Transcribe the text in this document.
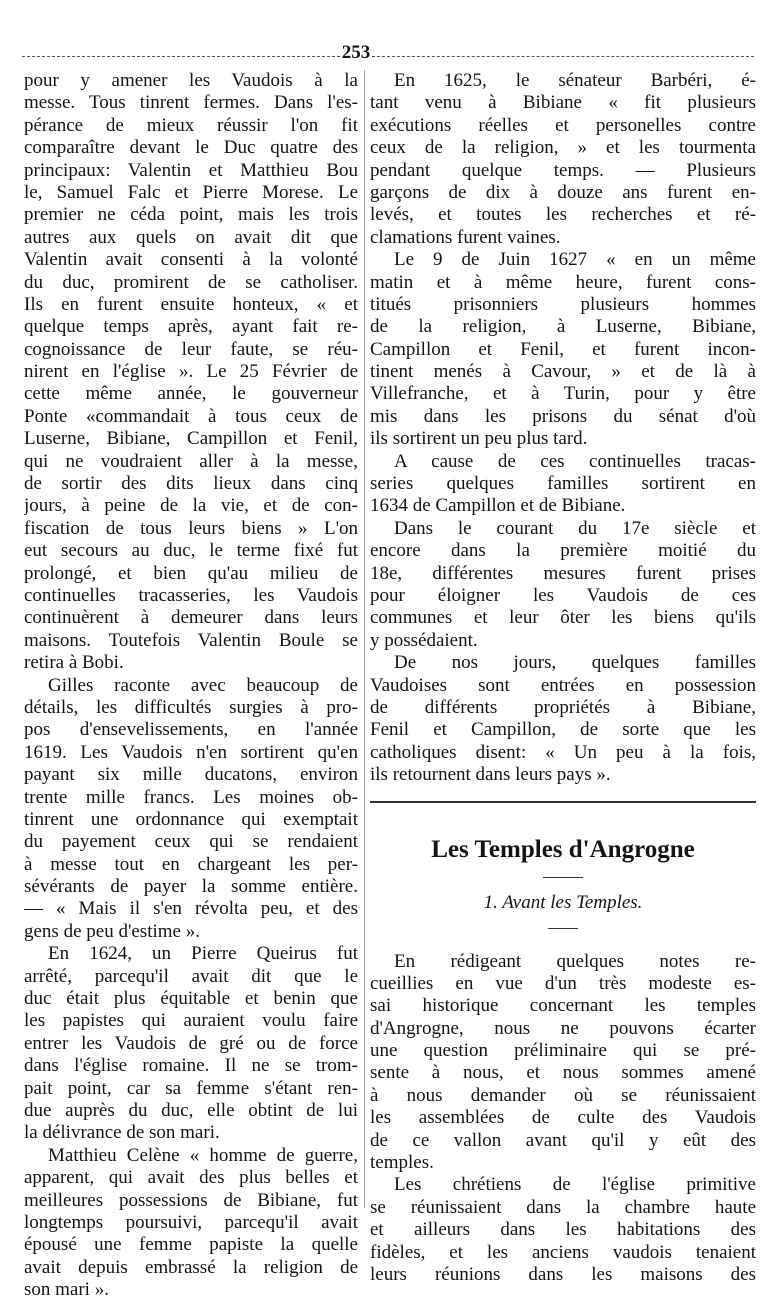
253
pour y amener les Vaudois à la
messe. Tous tinrent fermes. Dans l'es-
pérance de mieux réussir l'on fit
comparaître devant le Duc quatre des
principaux: Valentin et Matthieu Bou
le, Samuel Falc et Pierre Morese. Le
premier ne céda point, mais les trois
autres aux quels on avait dit que
Valentin avait consenti à la volonté
du duc, promirent de se catholiser.
Ils en furent ensuite honteux, « et
quelque temps après, ayant fait re-
cognoissance de leur faute, se réu-
nirent en l'église ». Le 25 Février de
cette même année, le gouverneur
Ponte «commandait à tous ceux de
Luserne, Bibiane, Campillon et Fenil,
qui ne voudraient aller à la messe,
de sortir des dits lieux dans cinq
jours, à peine de la vie, et de con-
fiscation de tous leurs biens » L'on
eut secours au duc, le terme fixé fut
prolongé, et bien qu'au milieu de
continuelles tracasseries, les Vaudois
continuèrent à demeurer dans leurs
maisons. Toutefois Valentin Boule se
retira à Bobi.
Gilles raconte avec beaucoup de
détails, les difficultés surgies à pro-
pos d'ensevelissements, en l'année
1619. Les Vaudois n'en sortirent qu'en
payant six mille ducatons, environ
trente mille francs. Les moines ob-
tinrent une ordonnance qui exemptait
du payement ceux qui se rendaient
à messe tout en chargeant les per-
sévérants de payer la somme entière.
— « Mais il s'en révolta peu, et des
gens de peu d'estime ».
En 1624, un Pierre Queirus fut
arrêté, parcequ'il avait dit que le
duc était plus équitable et benin que
les papistes qui auraient voulu faire
entrer les Vaudois de gré ou de force
dans l'église romaine. Il ne se trom-
pait point, car sa femme s'étant ren-
due auprès du duc, elle obtint de lui
la délivrance de son mari.
Matthieu Celène « homme de guerre,
apparent, qui avait des plus belles et
meilleures possessions de Bibiane, fut
longtemps poursuivi, parcequ'il avait
épousé une femme papiste la quelle
avait depuis embrassé la religion de
son mari ».
En 1625, le sénateur Barbéri, é-
tant venu à Bibiane « fit plusieurs
exécutions réelles et personelles contre
ceux de la religion, » et les tourmenta
pendant quelque temps. — Plusieurs
garçons de dix à douze ans furent en-
levés, et toutes les recherches et ré-
clamations furent vaines.
Le 9 de Juin 1627 « en un même
matin et à même heure, furent cons-
titués prisonniers plusieurs hommes
de la religion, à Luserne, Bibiane,
Campillon et Fenil, et furent incon-
tinent menés à Cavour, » et de là à
Villefranche, et à Turin, pour y être
mis dans les prisons du sénat d'où
ils sortirent un peu plus tard.
A cause de ces continuelles tracas-
series quelques familles sortirent en
1634 de Campillon et de Bibiane.
Dans le courant du 17e siècle et
encore dans la première moitié du
18e, différentes mesures furent prises
pour éloigner les Vaudois de ces
communes et leur ôter les biens qu'ils
y possédaient.
De nos jours, quelques familles
Vaudoises sont entrées en possession
de différents propriétés à Bibiane,
Fenil et Campillon, de sorte que les
catholiques disent: « Un peu à la fois,
ils retournent dans leurs pays ».
Les Temples d'Angrogne
1. Avant les Temples.
En rédigeant quelques notes re-
cueillies en vue d'un très modeste es-
sai historique concernant les temples
d'Angrogne, nous ne pouvons écarter
une question préliminaire qui se pré-
sente à nous, et nous sommes amené
à nous demander où se réunissaient
les assemblées de culte des Vaudois
de ce vallon avant qu'il y eût des
temples.
Les chrétiens de l'église primitive
se réunissaient dans la chambre haute
et ailleurs dans les habitations des
fidèles, et les anciens vaudois tenaient
leurs réunions dans les maisons des
